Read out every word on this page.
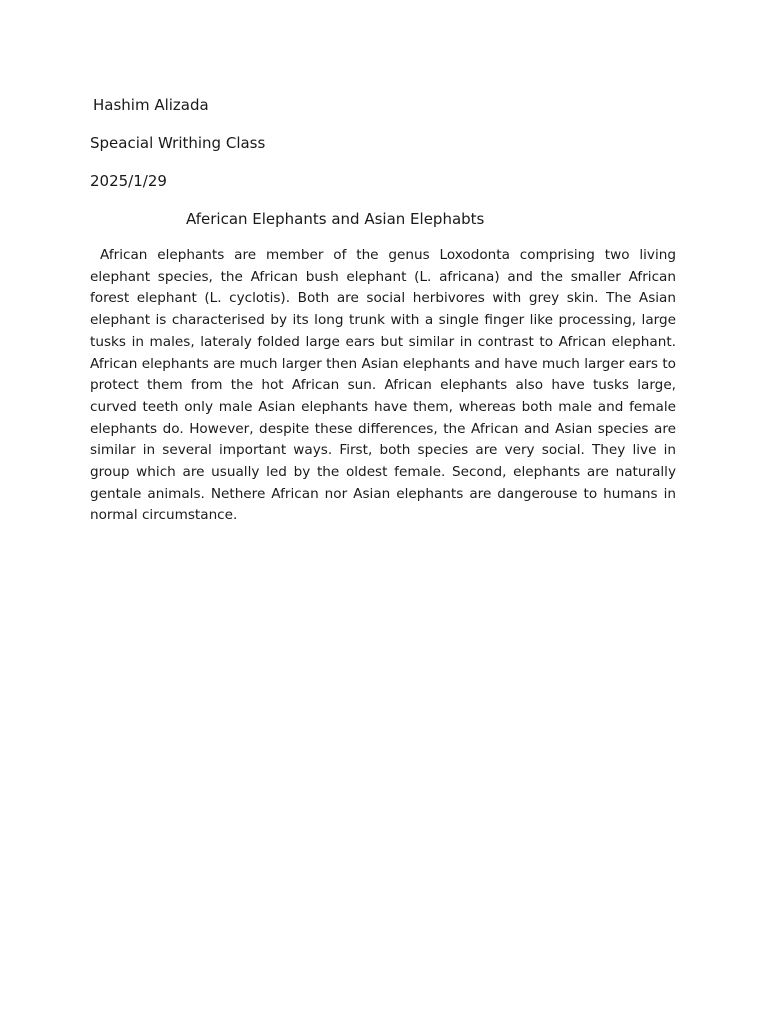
Hashim Alizada
Speacial Writhing Class
2025/1/29
Aferican Elephants and Asian Elephabts

African elephants are member of the genus Loxodonta comprising two living elephant species, the African bush elephant (L. africana) and the smaller African forest elephant (L. cyclotis). Both are social herbivores with grey skin. The Asian elephant is characterised by its long trunk with a single finger like processing, large tusks in males, lateraly folded large ears but similar in contrast to African elephant. African elephants are much larger then Asian elephants and have much larger ears to protect them from the hot African sun. African elephants also have tusks large, curved teeth only male Asian elephants have them, whereas both male and female elephants do. However, despite these differences, the African and Asian species are similar in several important ways. First, both species are very social. They live in group which are usually led by the oldest female. Second, elephants are naturally gentale animals. Nethere African nor Asian elephants are dangerouse to humans in normal circumstance.
